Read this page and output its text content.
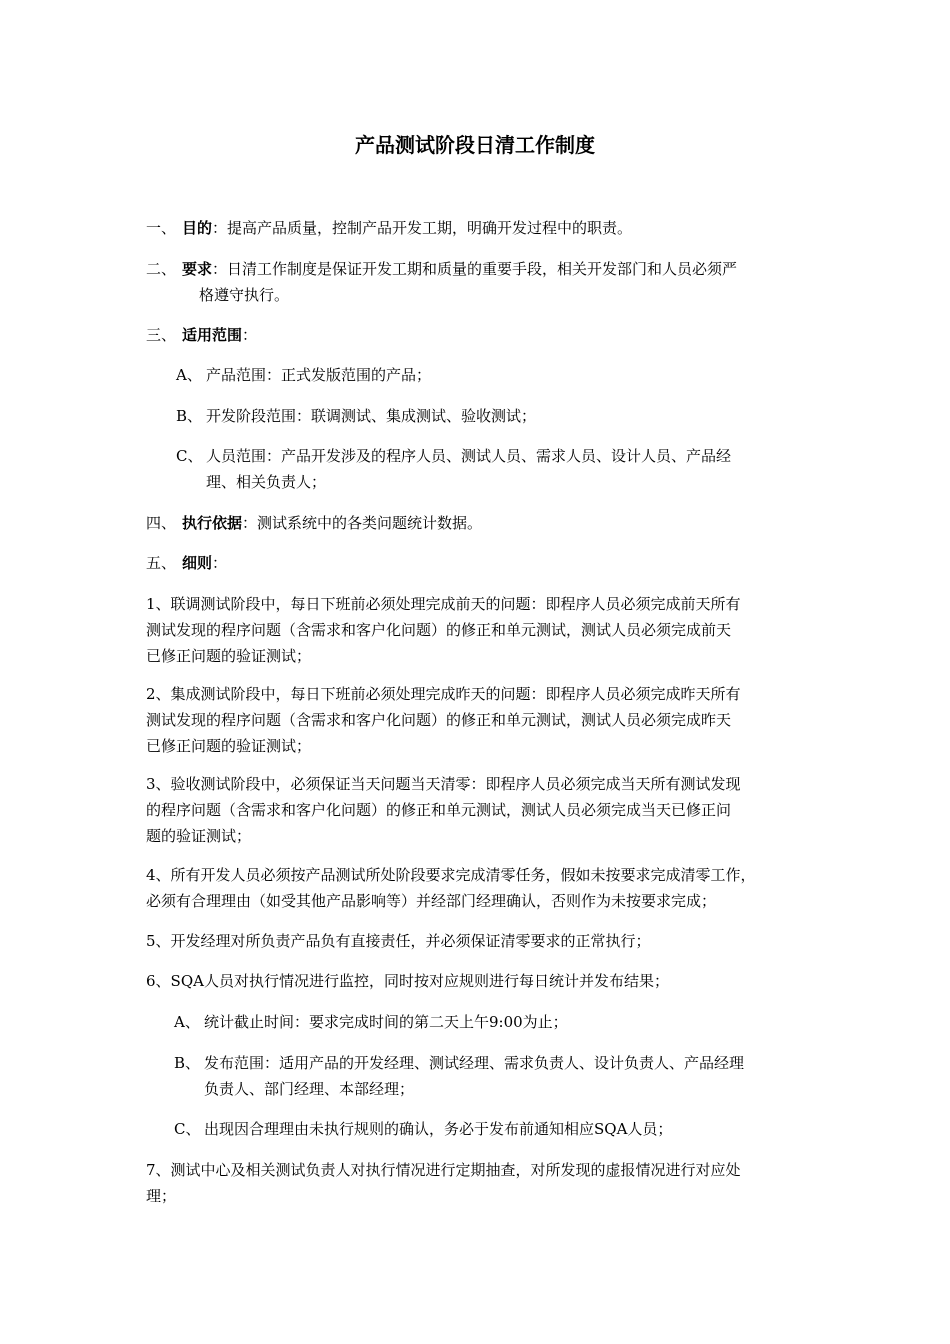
产品测试阶段日清工作制度
一、 目的：提高产品质量，控制产品开发工期，明确开发过程中的职责。
二、 要求：日清工作制度是保证开发工期和质量的重要手段，相关开发部门和人员必须严
格遵守执行。
三、 适用范围：
A、 产品范围：正式发版范围的产品；
B、 开发阶段范围：联调测试、集成测试、验收测试；
C、 人员范围：产品开发涉及的程序人员、测试人员、需求人员、设计人员、产品经
理、相关负责人；
四、 执行依据：测试系统中的各类问题统计数据。
五、 细则：
1、联调测试阶段中，每日下班前必须处理完成前天的问题：即程序人员必须完成前天所有
测试发现的程序问题（含需求和客户化问题）的修正和单元测试，测试人员必须完成前天
已修正问题的验证测试；
2、集成测试阶段中，每日下班前必须处理完成昨天的问题：即程序人员必须完成昨天所有
测试发现的程序问题（含需求和客户化问题）的修正和单元测试，测试人员必须完成昨天
已修正问题的验证测试；
3、验收测试阶段中，必须保证当天问题当天清零：即程序人员必须完成当天所有测试发现
的程序问题（含需求和客户化问题）的修正和单元测试，测试人员必须完成当天已修正问
题的验证测试；
4、所有开发人员必须按产品测试所处阶段要求完成清零任务，假如未按要求完成清零工作，
必须有合理理由（如受其他产品影响等）并经部门经理确认，否则作为未按要求完成；
5、开发经理对所负责产品负有直接责任，并必须保证清零要求的正常执行；
6、SQA人员对执行情况进行监控，同时按对应规则进行每日统计并发布结果；
A、 统计截止时间：要求完成时间的第二天上午9:00为止；
B、 发布范围：适用产品的开发经理、测试经理、需求负责人、设计负责人、产品经理
负责人、部门经理、本部经理；
C、 出现因合理理由未执行规则的确认，务必于发布前通知相应SQA人员；
7、测试中心及相关测试负责人对执行情况进行定期抽查，对所发现的虚报情况进行对应处
理；
